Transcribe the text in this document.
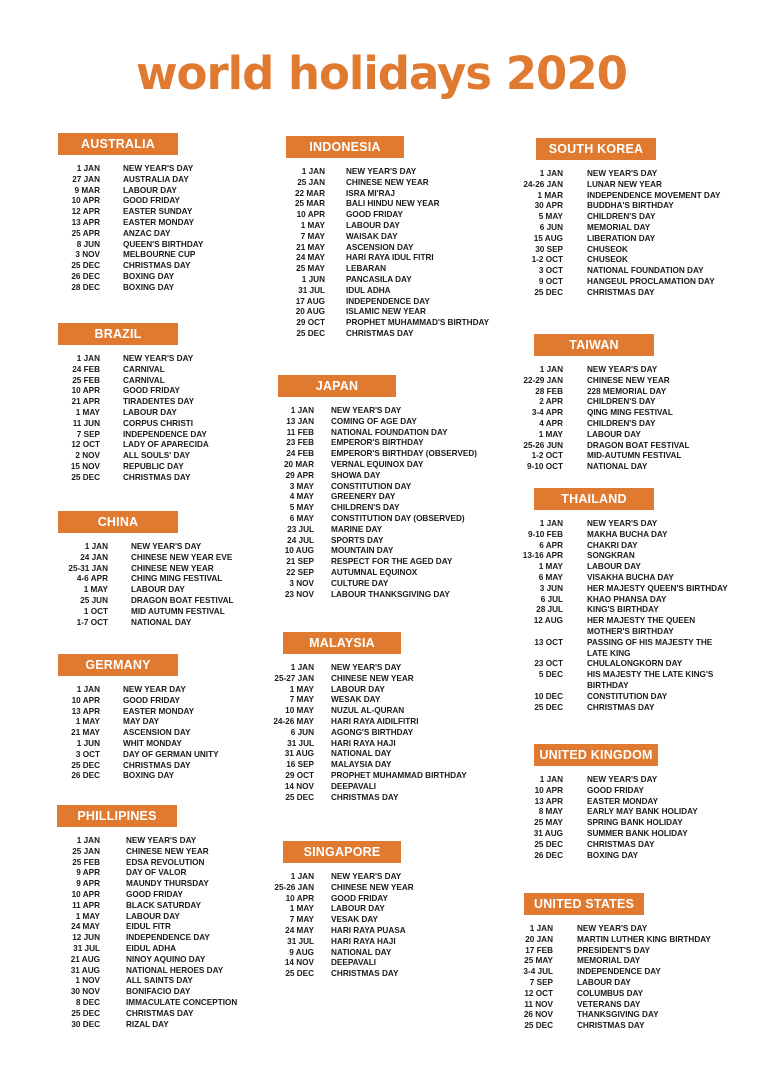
world holidays 2020
AUSTRALIA
1 JAN	NEW YEAR'S DAY
27 JAN	AUSTRALIA DAY
9 MAR	LABOUR DAY
10 APR	GOOD FRIDAY
12 APR	EASTER SUNDAY
13 APR	EASTER MONDAY
25 APR	ANZAC DAY
8 JUN	QUEEN'S BIRTHDAY
3 NOV	MELBOURNE CUP
25 DEC	CHRISTMAS DAY
26 DEC	BOXING DAY
28 DEC	BOXING DAY
BRAZIL
1 JAN	NEW YEAR'S DAY
24 FEB	CARNIVAL
25 FEB	CARNIVAL
10 APR	GOOD FRIDAY
21 APR	TIRADENTES DAY
1 MAY	LABOUR DAY
11 JUN	CORPUS CHRISTI
7 SEP	INDEPENDENCE DAY
12 OCT	LADY OF APARECIDA
2 NOV	ALL SOULS' DAY
15 NOV	REPUBLIC DAY
25 DEC	CHRISTMAS DAY
CHINA
1 JAN	NEW YEAR'S DAY
24 JAN	CHINESE NEW YEAR EVE
25-31 JAN	CHINESE NEW YEAR
4-6 APR	CHING MING FESTIVAL
1 MAY	LABOUR DAY
25 JUN	DRAGON BOAT FESTIVAL
1 OCT	MID AUTUMN FESTIVAL
1-7 OCT	NATIONAL DAY
GERMANY
1 JAN	NEW YEAR DAY
10 APR	GOOD FRIDAY
13 APR	EASTER MONDAY
1 MAY	MAY DAY
21 MAY	ASCENSION DAY
1 JUN	WHIT MONDAY
3 OCT	DAY OF GERMAN UNITY
25 DEC	CHRISTMAS DAY
26 DEC	BOXING DAY
PHILLIPINES
1 JAN	NEW YEAR'S DAY
25 JAN	CHINESE NEW YEAR
25 FEB	EDSA REVOLUTION
9 APR	DAY OF VALOR
9 APR	MAUNDY THURSDAY
10 APR	GOOD FRIDAY
11 APR	BLACK SATURDAY
1 MAY	LABOUR DAY
24 MAY	EIDUL FITR
12 JUN	INDEPENDENCE DAY
31 JUL	EIDUL ADHA
21 AUG	NINOY AQUINO DAY
31 AUG	NATIONAL HEROES DAY
1 NOV	ALL SAINTS DAY
30 NOV	BONIFACIO DAY
8 DEC	IMMACULATE CONCEPTION
25 DEC	CHRISTMAS DAY
30 DEC	RIZAL DAY
INDONESIA
1 JAN	NEW YEAR'S DAY
25 JAN	CHINESE NEW YEAR
22 MAR	ISRA MI'RAJ
25 MAR	BALI HINDU NEW YEAR
10 APR	GOOD FRIDAY
1 MAY	LABOUR DAY
7 MAY	WAISAK DAY
21 MAY	ASCENSION DAY
24 MAY	HARI RAYA IDUL FITRI
25 MAY	LEBARAN
1 JUN	PANCASILA DAY
31 JUL	IDUL ADHA
17 AUG	INDEPENDENCE DAY
20 AUG	ISLAMIC NEW YEAR
29 OCT	PROPHET MUHAMMAD'S BIRTHDAY
25 DEC	CHRISTMAS DAY
JAPAN
1 JAN NEW YEAR'S DAY
13 JAN COMING OF AGE DAY
11 FEB NATIONAL FOUNDATION DAY
23 FEB EMPEROR'S BIRTHDAY
24 FEB EMPEROR'S BIRTHDAY (OBSERVED)
20 MAR VERNAL EQUINOX DAY
29 APR SHOWA DAY
3 MAY CONSTITUTION DAY
4 MAY GREENERY DAY
5 MAY CHILDREN'S DAY
6 MAY CONSTITUTION DAY (OBSERVED)
23 JUL MARINE DAY
24 JUL SPORTS DAY
10 AUG MOUNTAIN DAY
21 SEP RESPECT FOR THE AGED DAY
22 SEP AUTUMNAL EQUINOX
3 NOV CULTURE DAY
23 NOV LABOUR THANKSGIVING DAY
MALAYSIA
1 JAN NEW YEAR'S DAY
25-27 JAN CHINESE NEW YEAR
1 MAY LABOUR DAY
7 MAY WESAK DAY
10 MAY NUZUL AL-QURAN
24-26 MAY HARI RAYA AIDILFITRI
6 JUN AGONG'S BIRTHDAY
31 JUL HARI RAYA HAJI
31 AUG NATIONAL DAY
16 SEP MALAYSIA DAY
29 OCT PROPHET MUHAMMAD BIRTHDAY
14 NOV DEEPAVALI
25 DEC CHRISTMAS DAY
SINGAPORE
1 JAN NEW YEAR'S DAY
25-26 JAN CHINESE NEW YEAR
10 APR GOOD FRIDAY
1 MAY LABOUR DAY
7 MAY VESAK DAY
24 MAY HARI RAYA PUASA
31 JUL HARI RAYA HAJI
9 AUG NATIONAL DAY
14 NOV DEEPAVALI
25 DEC CHRISTMAS DAY
SOUTH KOREA
1 JAN	NEW YEAR'S DAY
24-26 JAN	LUNAR NEW YEAR
1 MAR	INDEPENDENCE MOVEMENT DAY
30 APR	BUDDHA'S BIRTHDAY
5 MAY	CHILDREN'S DAY
6 JUN	MEMORIAL DAY
15 AUG	LIBERATION DAY
30 SEP	CHUSEOK
1-2 OCT	CHUSEOK
3 OCT	NATIONAL FOUNDATION DAY
9 OCT	HANGEUL PROCLAMATION DAY
25 DEC	CHRISTMAS DAY
TAIWAN
1 JAN	NEW YEAR'S DAY
22-29 JAN	CHINESE NEW YEAR
28 FEB	228 MEMORIAL DAY
2 APR	CHILDREN'S DAY
3-4 APR	QING MING FESTIVAL
4 APR	CHILDREN'S DAY
1 MAY	LABOUR DAY
25-26 JUN	DRAGON BOAT FESTIVAL
1-2 OCT	MID-AUTUMN FESTIVAL
9-10 OCT	NATIONAL DAY
THAILAND
1 JAN	NEW YEAR'S DAY
9-10 FEB	MAKHA BUCHA DAY
6 APR	CHAKRI DAY
13-16 APR	SONGKRAN
1 MAY	LABOUR DAY
6 MAY	VISAKHA BUCHA DAY
3 JUN	HER MAJESTY QUEEN'S BIRTHDAY
6 JUL	KHAO PHANSA DAY
28 JUL	KING'S BIRTHDAY
12 AUG	HER MAJESTY THE QUEEN
MOTHER'S BIRTHDAY
13 OCT	PASSING OF HIS MAJESTY THE
LATE KING
23 OCT	CHULALONGKORN DAY
5 DEC	HIS MAJESTY THE LATE KING'S
BIRTHDAY
10 DEC	CONSTITUTION DAY
25 DEC	CHRISTMAS DAY
UNITED KINGDOM
1 JAN	NEW YEAR'S DAY
10 APR	GOOD FRIDAY
13 APR	EASTER MONDAY
8 MAY	EARLY MAY BANK HOLIDAY
25 MAY	SPRING BANK HOLIDAY
31 AUG	SUMMER BANK HOLIDAY
25 DEC	CHRISTMAS DAY
26 DEC	BOXING DAY
UNITED STATES
1 JAN	NEW YEAR'S DAY
20 JAN	MARTIN LUTHER KING BIRTHDAY
17 FEB	PRESIDENT'S DAY
25 MAY	MEMORIAL DAY
3-4 JUL	INDEPENDENCE DAY
7 SEP	LABOUR DAY
12 OCT	COLUMBUS DAY
11 NOV	VETERANS DAY
26 NOV	THANKSGIVING DAY
25 DEC	CHRISTMAS DAY
